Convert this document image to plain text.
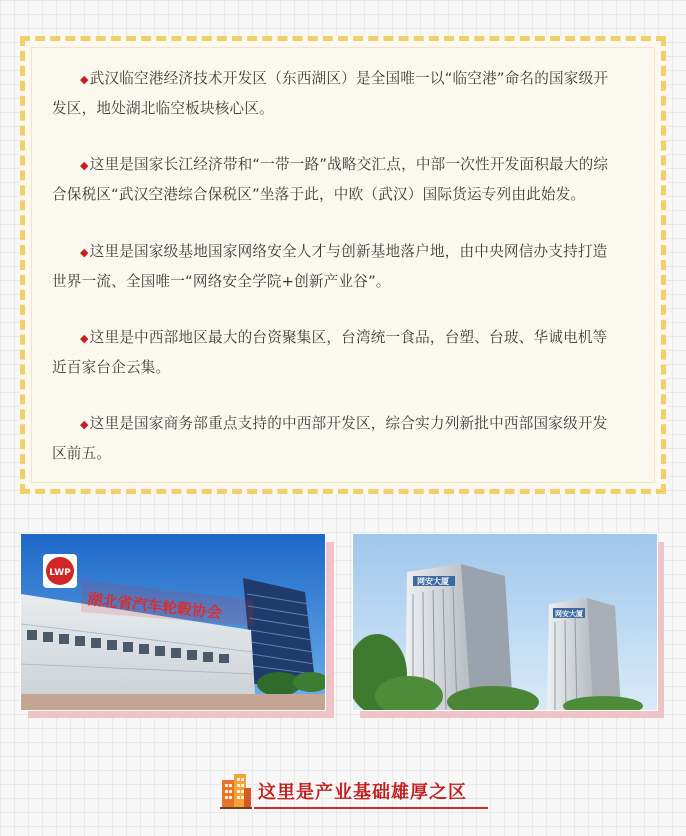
◆武汉临空港经济技术开发区（东西湖区）是全国唯一以“临空港”命名的国家级开发区，地处湖北临空板块核心区。
◆这里是国家长江经济带和“一带一路”战略交汇点，中部一次性开发面积最大的综合保税区“武汉空港综合保税区”坐落于此，中欧（武汉）国际货运专列由此始发。
◆这里是国家级基地国家网络安全人才与创新基地落户地，由中央网信办支持打造世界一流、全国唯一“网络安全学院+创新产业谷”。
◆这里是中西部地区最大的台资聚集区，台湾统一食品，台塑、台玻、华诚电机等近百家台企云集。
◆这里是国家商务部重点支持的中西部开发区，综合实力列新批中西部国家级开发区前五。
湖北省汽车轮毂协会
LWP
网安大厦
网安大厦
这里是产业基础雄厚之区
